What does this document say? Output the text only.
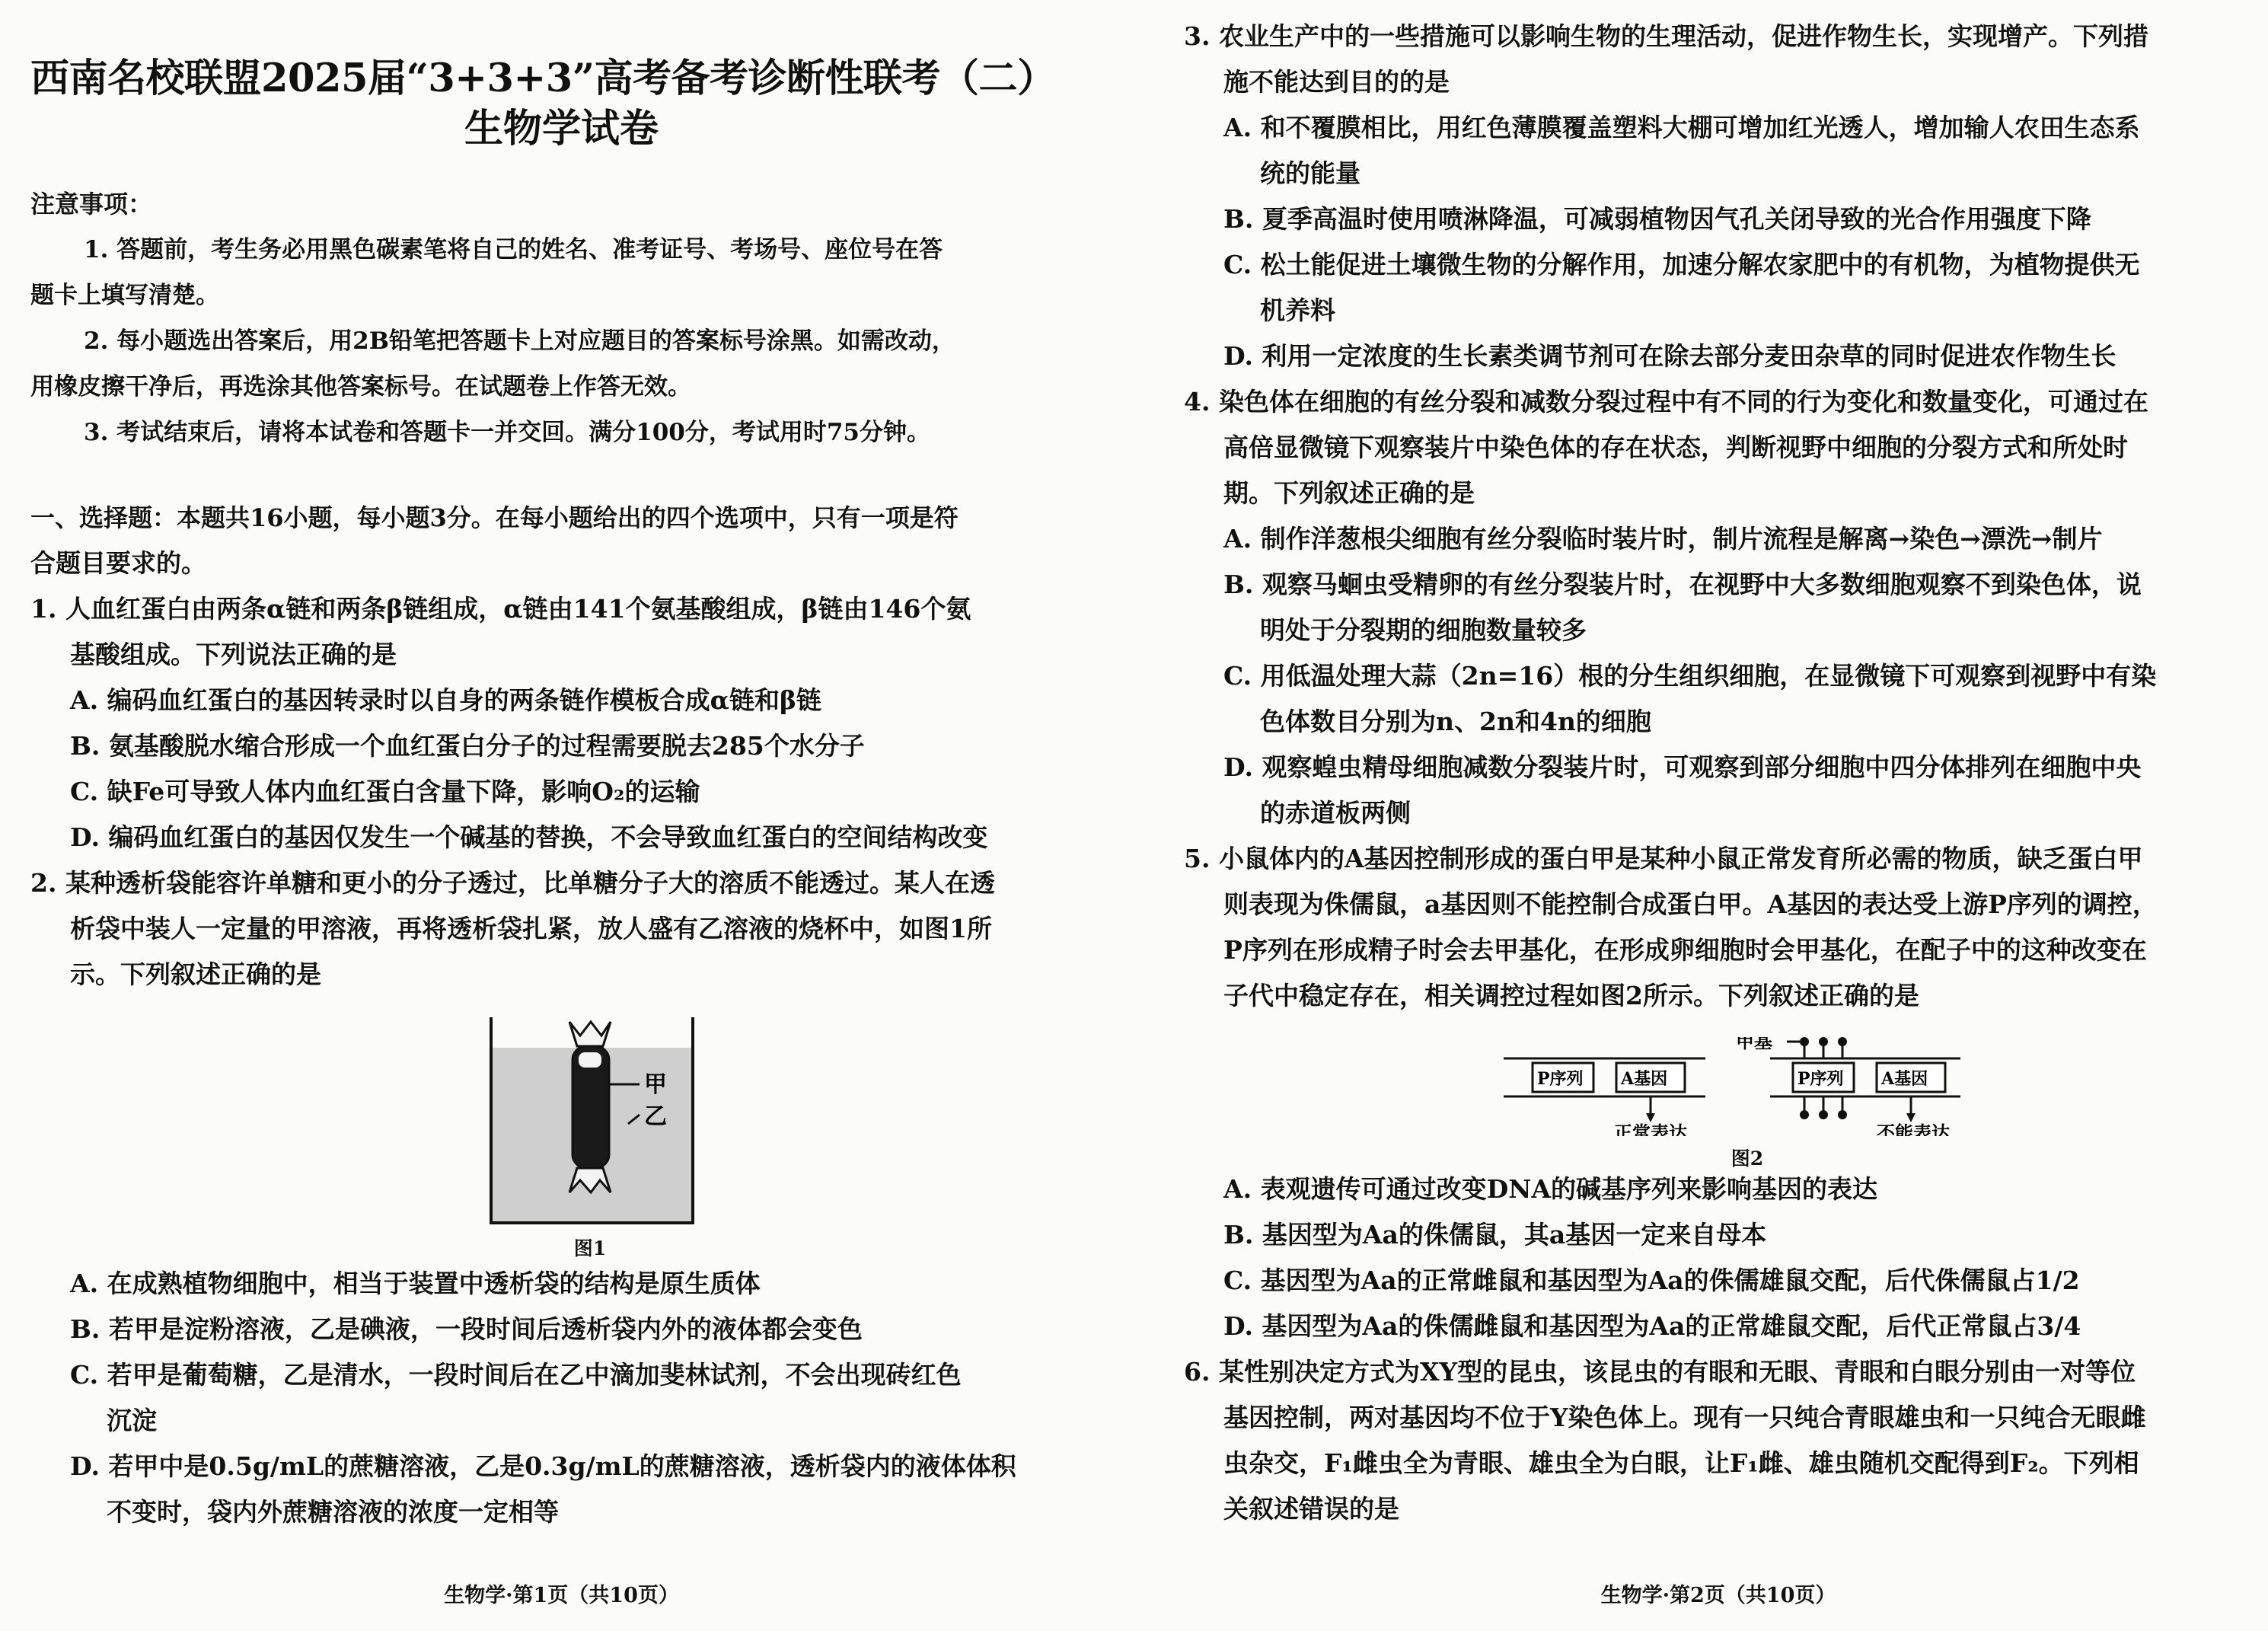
西南名校联盟2025届“3+3+3”高考备考诊断性联考（二）
生物学试卷
注意事项：
1. 答题前，考生务必用黑色碳素笔将自己的姓名、准考证号、考场号、座位号在答
题卡上填写清楚。
2. 每小题选出答案后，用2B铅笔把答题卡上对应题目的答案标号涂黑。如需改动，
用橡皮擦干净后，再选涂其他答案标号。在试题卷上作答无效。
3. 考试结束后，请将本试卷和答题卡一并交回。满分100分，考试用时75分钟。
一、选择题：本题共16小题，每小题3分。在每小题给出的四个选项中，只有一项是符
合题目要求的。
1. 人血红蛋白由两条α链和两条β链组成，α链由141个氨基酸组成，β链由146个氨
基酸组成。下列说法正确的是
A. 编码血红蛋白的基因转录时以自身的两条链作模板合成α链和β链
B. 氨基酸脱水缩合形成一个血红蛋白分子的过程需要脱去285个水分子
C. 缺Fe可导致人体内血红蛋白含量下降，影响O₂的运输
D. 编码血红蛋白的基因仅发生一个碱基的替换，不会导致血红蛋白的空间结构改变
2. 某种透析袋能容许单糖和更小的分子透过，比单糖分子大的溶质不能透过。某人在透
析袋中装人一定量的甲溶液，再将透析袋扎紧，放人盛有乙溶液的烧杯中，如图1所
示。下列叙述正确的是
甲
乙
图1
A. 在成熟植物细胞中，相当于装置中透析袋的结构是原生质体
B. 若甲是淀粉溶液，乙是碘液，一段时间后透析袋内外的液体都会变色
C. 若甲是葡萄糖，乙是清水，一段时间后在乙中滴加斐林试剂，不会出现砖红色
沉淀
D. 若甲中是0.5g/mL的蔗糖溶液，乙是0.3g/mL的蔗糖溶液，透析袋内的液体体积
不变时，袋内外蔗糖溶液的浓度一定相等
生物学·第1页（共10页）
3. 农业生产中的一些措施可以影响生物的生理活动，促进作物生长，实现增产。下列措
施不能达到目的的是
A. 和不覆膜相比，用红色薄膜覆盖塑料大棚可增加红光透人，增加输人农田生态系
统的能量
B. 夏季高温时使用喷淋降温，可减弱植物因气孔关闭导致的光合作用强度下降
C. 松土能促进土壤微生物的分解作用，加速分解农家肥中的有机物，为植物提供无
机养料
D. 利用一定浓度的生长素类调节剂可在除去部分麦田杂草的同时促进农作物生长
4. 染色体在细胞的有丝分裂和减数分裂过程中有不同的行为变化和数量变化，可通过在
高倍显微镜下观察装片中染色体的存在状态，判断视野中细胞的分裂方式和所处时
期。下列叙述正确的是
A. 制作洋葱根尖细胞有丝分裂临时装片时，制片流程是解离→染色→漂洗→制片
B. 观察马蛔虫受精卵的有丝分裂装片时，在视野中大多数细胞观察不到染色体，说
明处于分裂期的细胞数量较多
C. 用低温处理大蒜（2n=16）根的分生组织细胞，在显微镜下可观察到视野中有染
色体数目分别为n、2n和4n的细胞
D. 观察蝗虫精母细胞减数分裂装片时，可观察到部分细胞中四分体排列在细胞中央
的赤道板两侧
5. 小鼠体内的A基因控制形成的蛋白甲是某种小鼠正常发育所必需的物质，缺乏蛋白甲
则表现为侏儒鼠，a基因则不能控制合成蛋白甲。A基因的表达受上游P序列的调控，
P序列在形成精子时会去甲基化，在形成卵细胞时会甲基化，在配子中的这种改变在
子代中稳定存在，相关调控过程如图2所示。下列叙述正确的是
P序列 A基因
正常表达
P序列 A基因
不能表达
甲基
图2
A. 表观遗传可通过改变DNA的碱基序列来影响基因的表达
B. 基因型为Aa的侏儒鼠，其a基因一定来自母本
C. 基因型为Aa的正常雌鼠和基因型为Aa的侏儒雄鼠交配，后代侏儒鼠占1/2
D. 基因型为Aa的侏儒雌鼠和基因型为Aa的正常雄鼠交配，后代正常鼠占3/4
6. 某性别决定方式为XY型的昆虫，该昆虫的有眼和无眼、青眼和白眼分别由一对等位
基因控制，两对基因均不位于Y染色体上。现有一只纯合青眼雄虫和一只纯合无眼雌
虫杂交，F₁雌虫全为青眼、雄虫全为白眼，让F₁雌、雄虫随机交配得到F₂。下列相
关叙述错误的是
生物学·第2页（共10页）
